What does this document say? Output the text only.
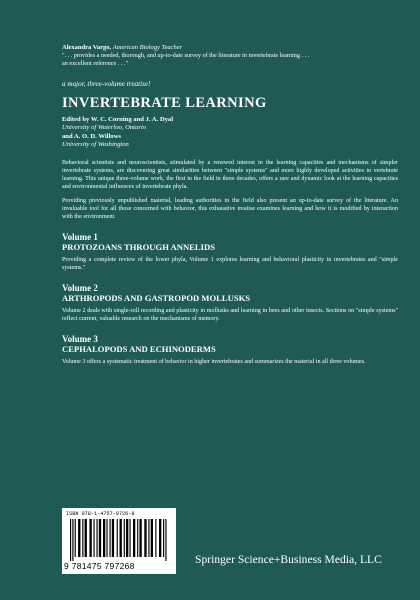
Alexandra Vargo, American Biology Teacher

". . . provides a needed, thorough, and up-to-date survey of the literature in invertebrate learning . . .

an excellent reference . . ."

a major, three-volume treatise!
INVERTEBRATE LEARNING
Edited by W. C. Corning and J. A. Dyal
University of Waterloo, Ontario
and A. O. D. Willows
University of Washington
Behavioral scientists and neuroscientists, stimulated by a renewed interest in the learning capacities and mechanisms of simpler invertebrate systems, are discovering great similarities between "simple systems" and more highly developed activities in vertebrate learning. This unique three-volume work, the first in the field in three decades, offers a rare and dynamic look at the learning capacities and environmental influences of invertebrate phyla.
Providing previously unpublished material, leading authorities in the field also present an up-to-date survey of the literature. An invaluable tool for all those concerned with behavior, this exhaustive treatise examines learning and how it is modified by interaction with the environment.
Volume 1
PROTOZOANS THROUGH ANNELIDS
Providing a complete review of the lower phyla, Volume 1 explores learning and behavioral plasticity in invertebrates and "simple systems."
Volume 2
ARTHROPODS AND GASTROPOD MOLLUSKS
Volume 2 deals with single-cell recording and plasticity in mollusks and learning in bees and other insects. Sections on "simple systems" reflect current, valuable research on the mechanisms of memory.
Volume 3
CEPHALOPODS AND ECHINODERMS
Volume 3 offers a systematic treatment of behavior in higher invertebrates and summarizes the material in all three volumes.
ISBN 978-1-4757-9726-8
9 781475 797268	Springer Science+Business Media, LLC
